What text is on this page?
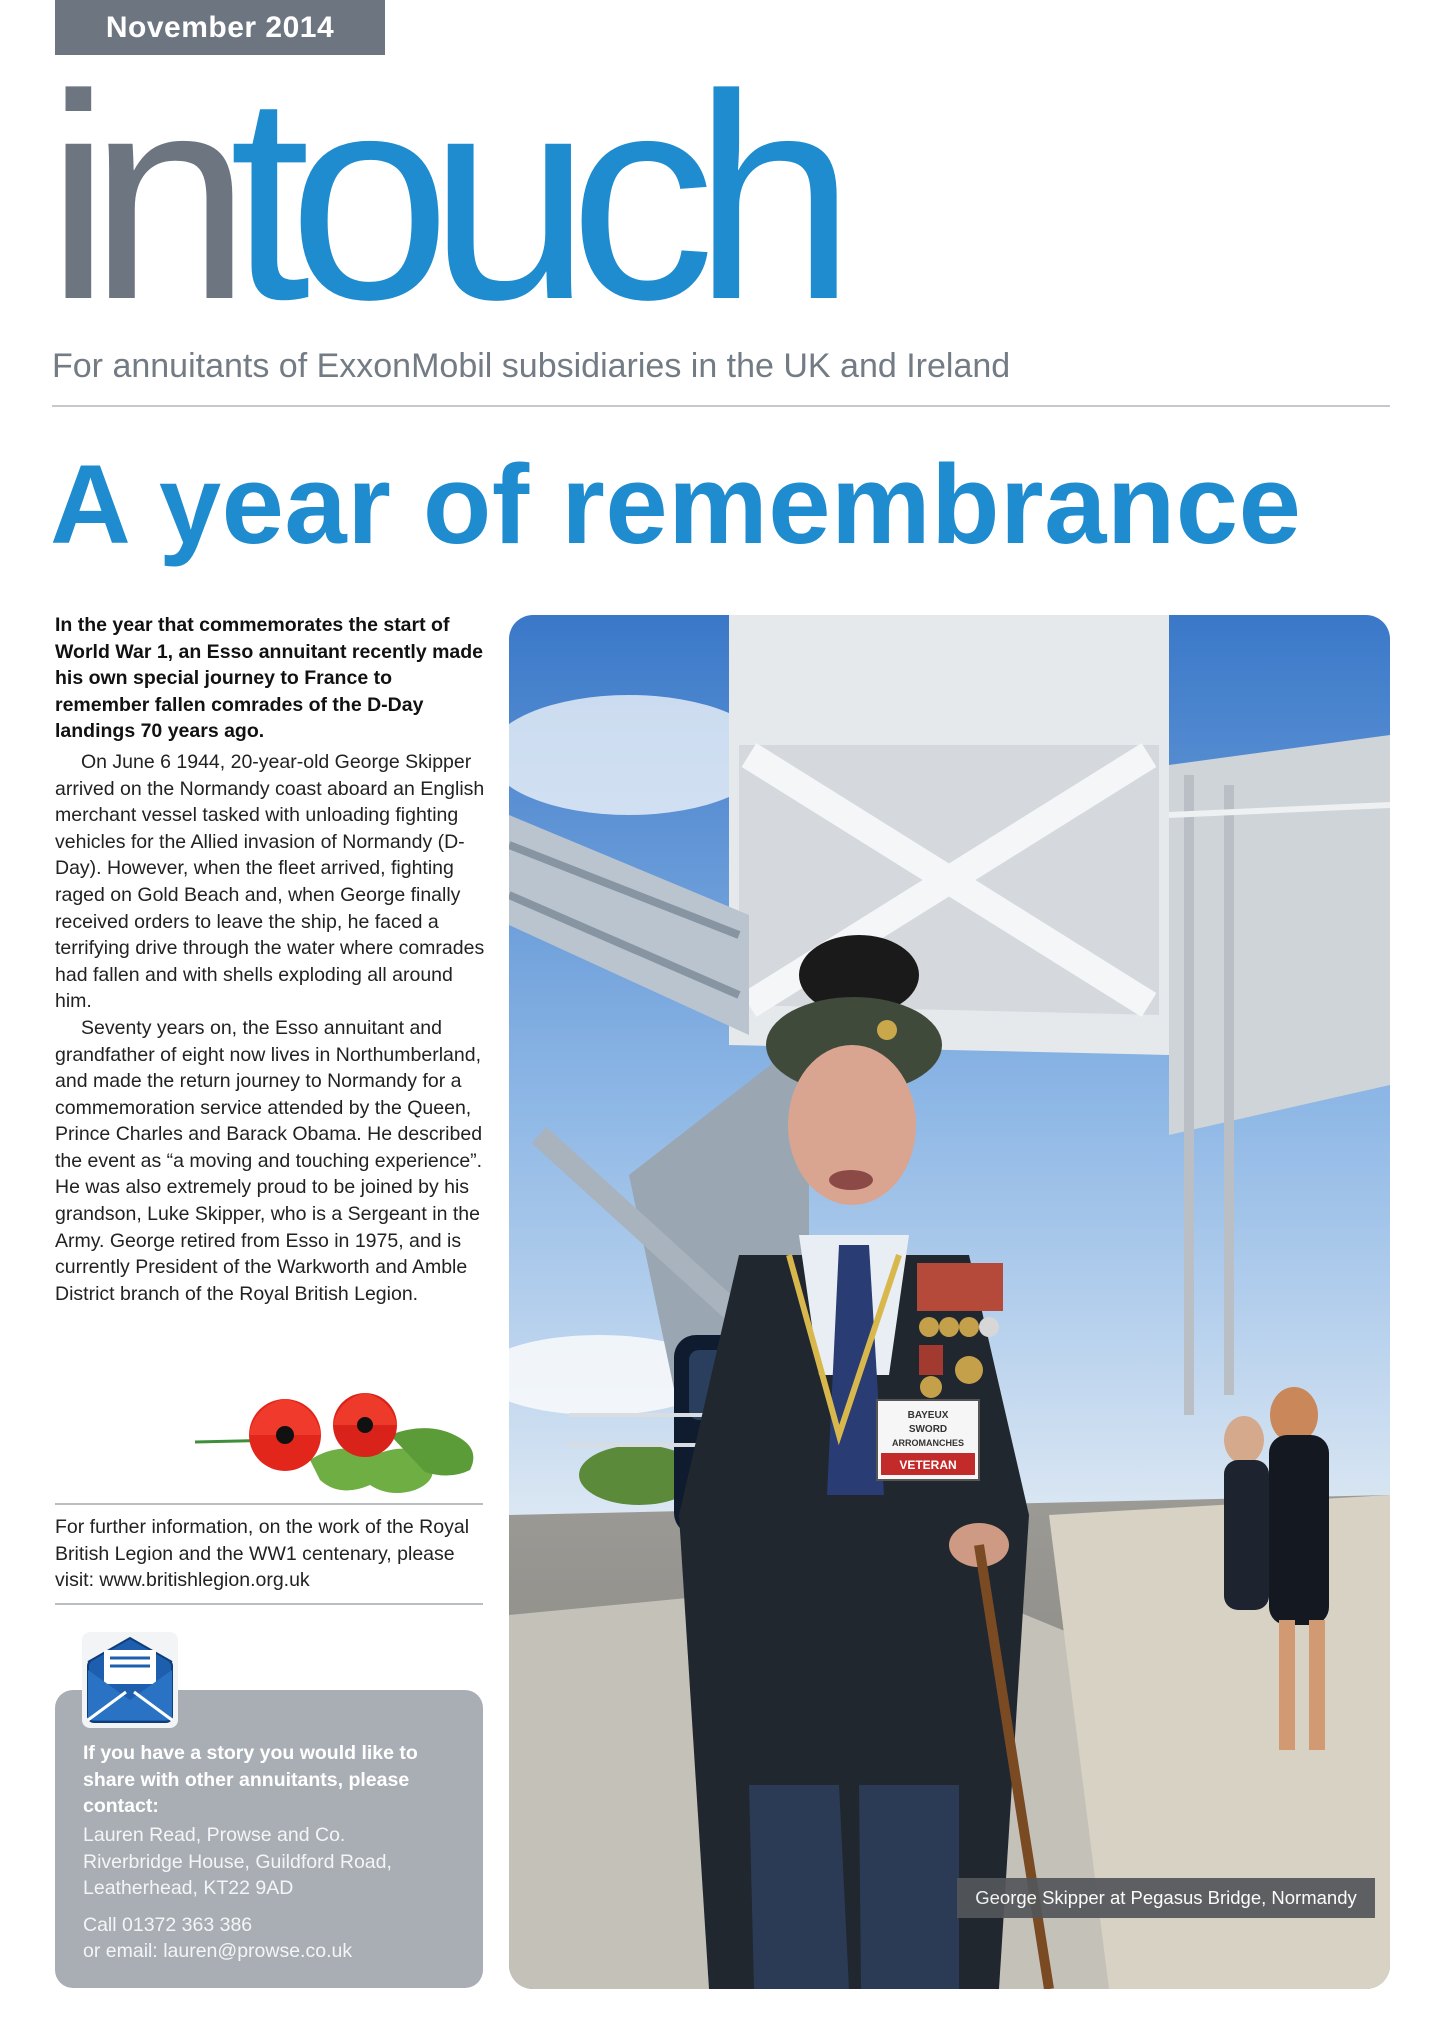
November 2014
intouch
For annuitants of ExxonMobil subsidiaries in the UK and Ireland
A year of remembrance

In the year that commemorates the start of World War 1, an Esso annuitant recently made his own special journey to France to remember fallen comrades of the D-Day landings 70 years ago.

On June 6 1944, 20-year-old George Skipper arrived on the Normandy coast aboard an English merchant vessel tasked with unloading fighting vehicles for the Allied invasion of Normandy (D-Day). However, when the fleet arrived, fighting raged on Gold Beach and, when George finally received orders to leave the ship, he faced a terrifying drive through the water where comrades had fallen and with shells exploding all around him.

Seventy years on, the Esso annuitant and grandfather of eight now lives in Northumberland, and made the return journey to Normandy for a commemoration service attended by the Queen, Prince Charles and Barack Obama. He described the event as “a moving and touching experience”.

He was also extremely proud to be joined by his grandson, Luke Skipper, who is a Sergeant in the Army. George retired from Esso in 1975, and is currently President of the Warkworth and Amble District branch of the Royal British Legion.

For further information, on the work of the Royal British Legion and the WW1 centenary, please visit: www.britishlegion.org.uk
If you have a story you would like to share with other annuitants, please contact:

Lauren Read, Prowse and Co.

Riverbridge House, Guildford Road,

Leatherhead, KT22 9AD

Call 01372 363 386

or email: lauren@prowse.co.uk

BAYEUX
SWORD
ARROMANCHES
VETERAN
George Skipper at Pegasus Bridge, Normandy
